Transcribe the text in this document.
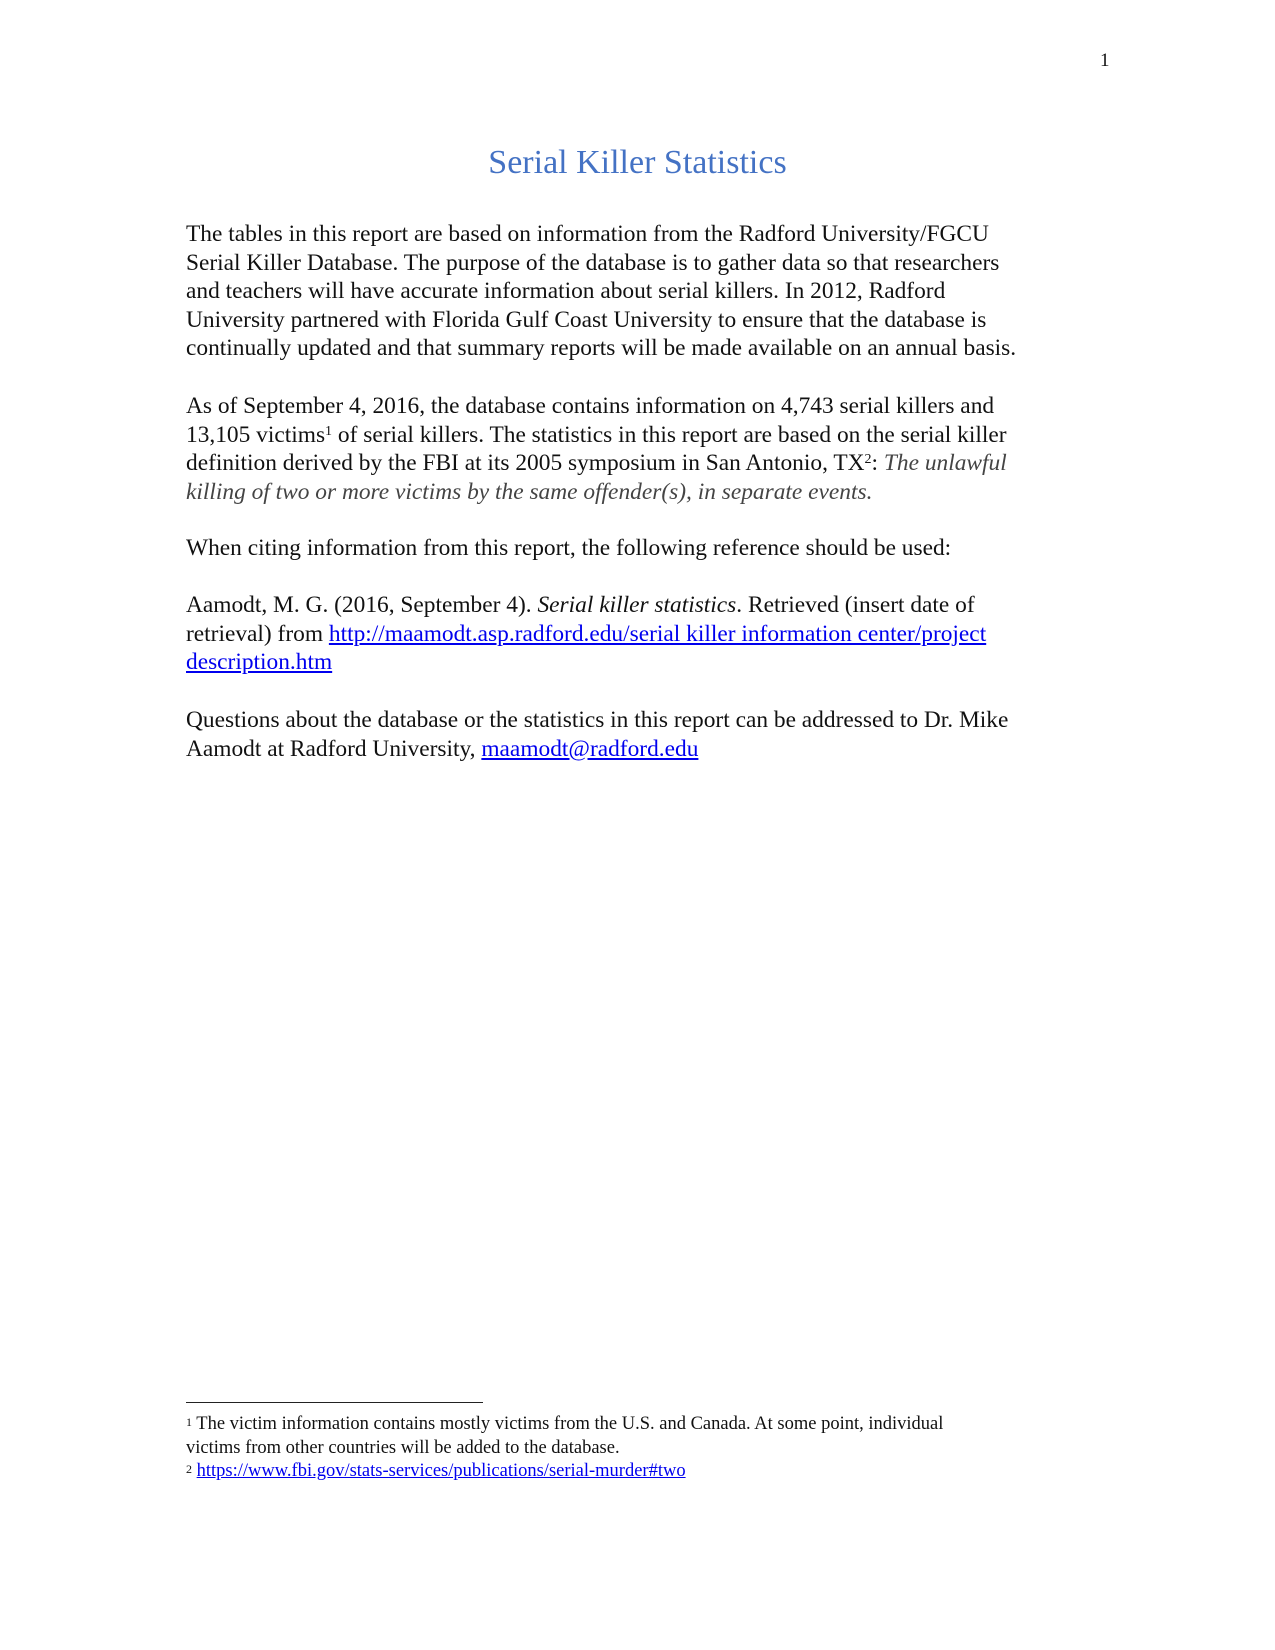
1
Serial Killer Statistics

The tables in this report are based on information from the Radford University/FGCU

Serial Killer Database. The purpose of the database is to gather data so that researchers

and teachers will have accurate information about serial killers. In 2012, Radford

University partnered with Florida Gulf Coast University to ensure that the database is

continually updated and that summary reports will be made available on an annual basis.

As of September 4, 2016, the database contains information on 4,743 serial killers and

13,105 victims$^1$ of serial killers. The statistics in this report are based on the serial killer

definition derived by the FBI at its 2005 symposium in San Antonio, $TX^2$: The unlawful

killing of two or more victims by the same offender(s), in separate events.

When citing information from this report, the following reference should be used:

Aamodt, M. G. (2016, September 4). Serial killer statistics. Retrieved (insert date of

retrieval) from http://maamodt.asp.radford.edu/serial killer information center/project

description.htm

Questions about the database or the statistics in this report can be addressed to Dr. Mike

Aamodt at Radford University, maamodt@radford.edu

$^1$ The victim information contains mostly victims from the U.S. and Canada. At some point, individual

victims from other countries will be added to the database.

$^2$ https://www.fbi.gov/stats-services/publications/serial-murder#two
